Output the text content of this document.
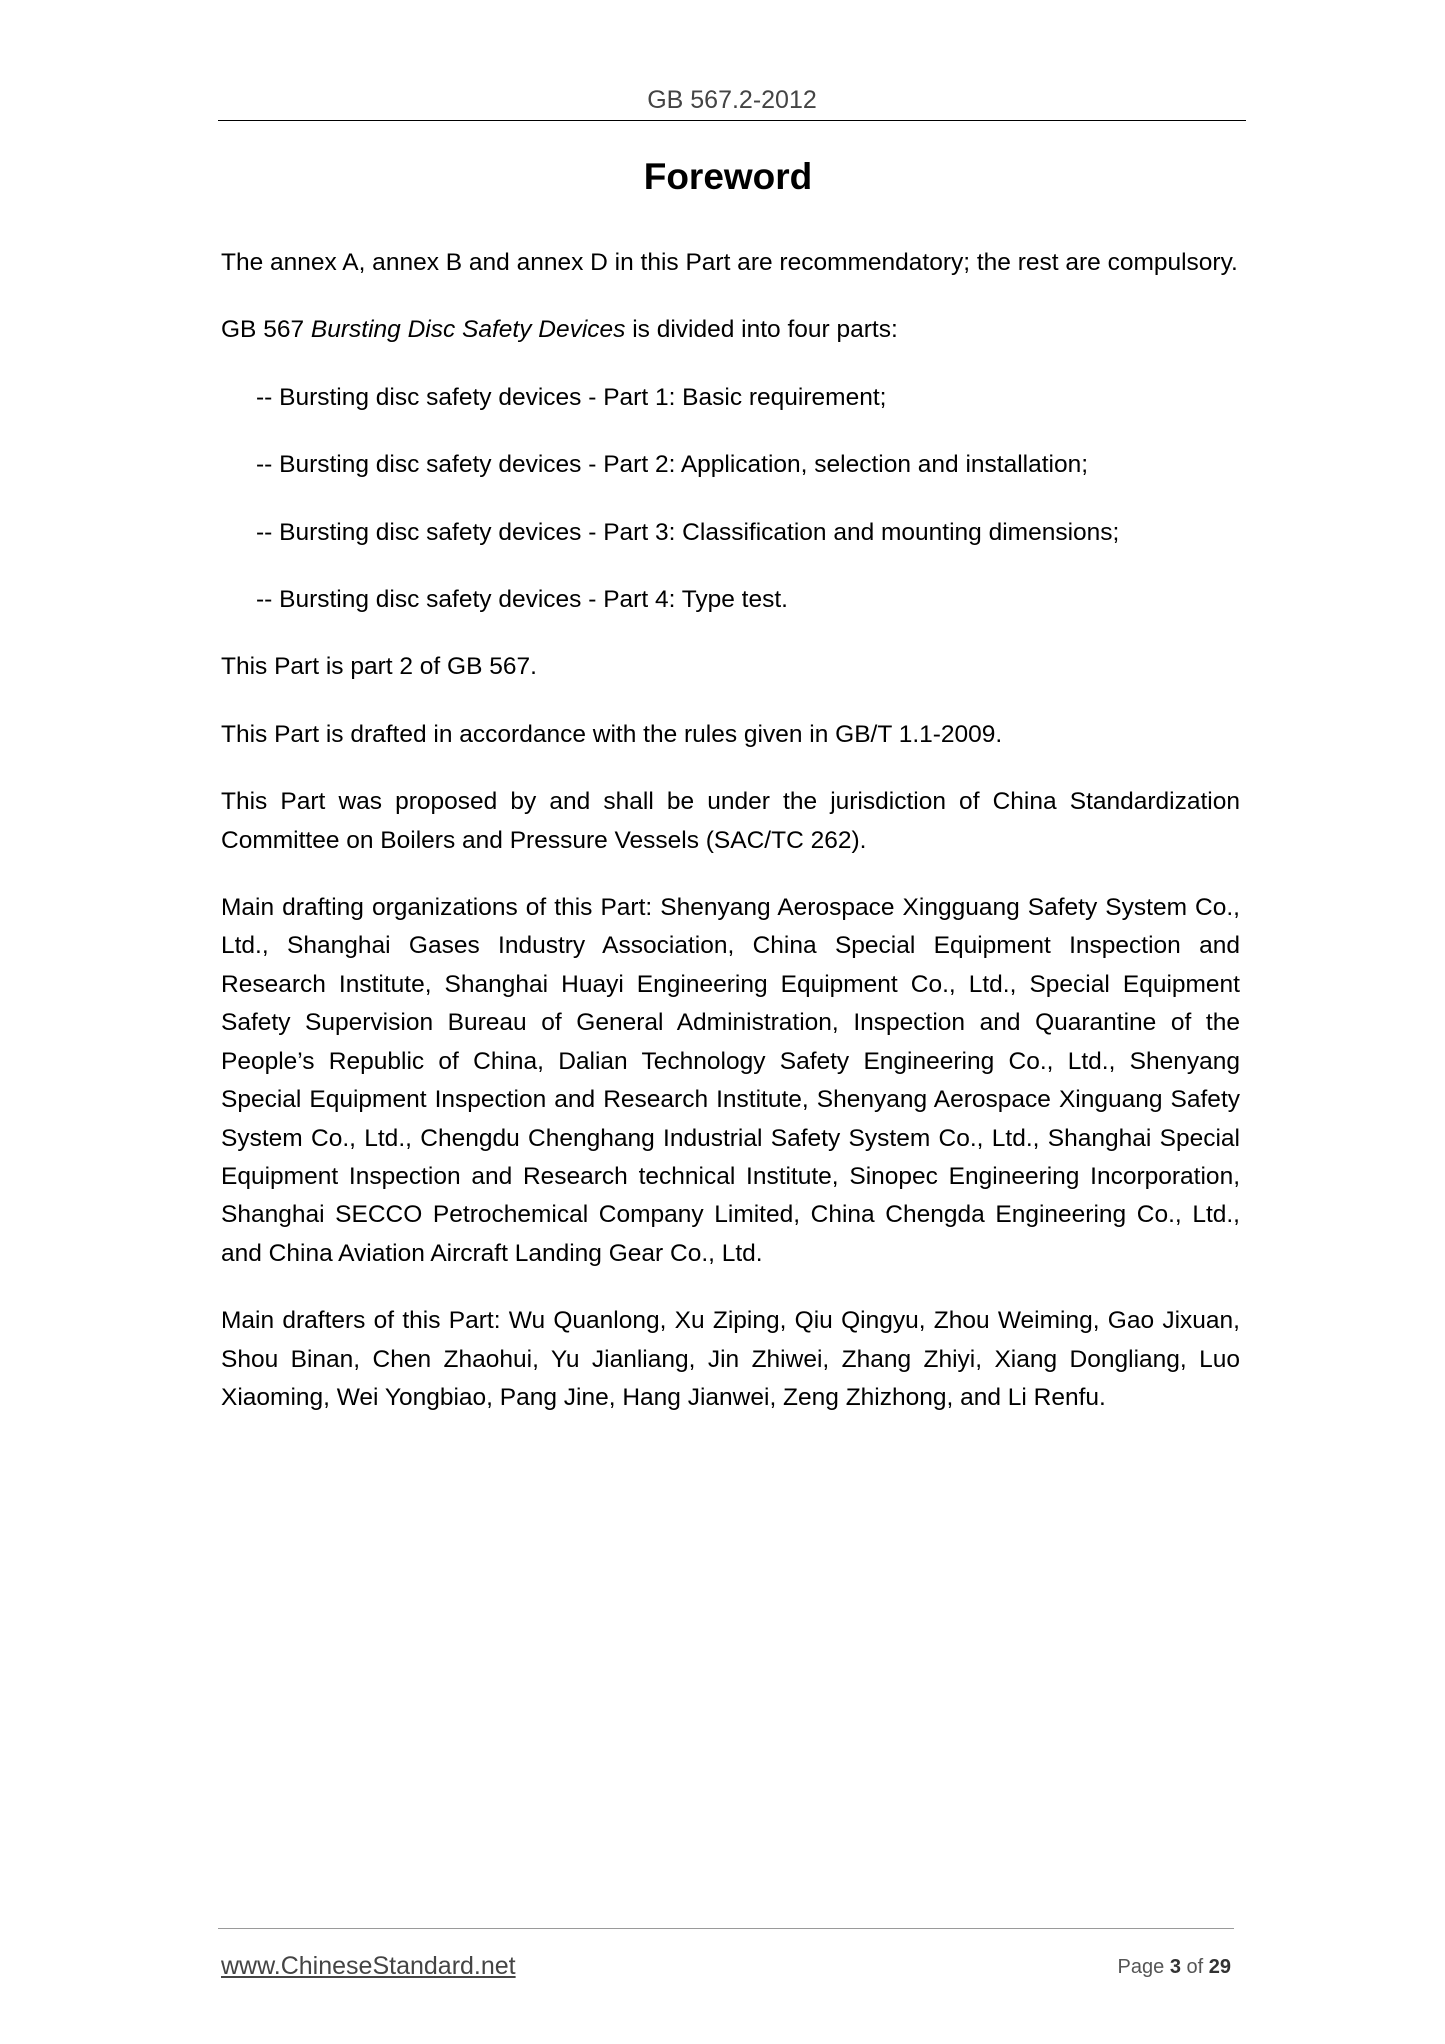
GB 567.2-2012
Foreword

The annex A, annex B and annex D in this Part are recommendatory; the rest are compulsory.

GB 567 Bursting Disc Safety Devices is divided into four parts:

-- Bursting disc safety devices - Part 1: Basic requirement;

-- Bursting disc safety devices - Part 2: Application, selection and installation;

-- Bursting disc safety devices - Part 3: Classification and mounting dimensions;

-- Bursting disc safety devices - Part 4: Type test.

This Part is part 2 of GB 567.

This Part is drafted in accordance with the rules given in GB/T 1.1-2009.

This Part was proposed by and shall be under the jurisdiction of China Standardization Committee on Boilers and Pressure Vessels (SAC/TC 262).

Main drafting organizations of this Part: Shenyang Aerospace Xingguang Safety System Co., Ltd., Shanghai Gases Industry Association, China Special Equipment Inspection and Research Institute, Shanghai Huayi Engineering Equipment Co., Ltd., Special Equipment Safety Supervision Bureau of General Administration, Inspection and Quarantine of the People’s Republic of China, Dalian Technology Safety Engineering Co., Ltd., Shenyang Special Equipment Inspection and Research Institute, Shenyang Aerospace Xinguang Safety System Co., Ltd., Chengdu Chenghang Industrial Safety System Co., Ltd., Shanghai Special Equipment Inspection and Research technical Institute, Sinopec Engineering Incorporation, Shanghai SECCO Petrochemical Company Limited, China Chengda Engineering Co., Ltd., and China Aviation Aircraft Landing Gear Co., Ltd.

Main drafters of this Part: Wu Quanlong, Xu Ziping, Qiu Qingyu, Zhou Weiming, Gao Jixuan, Shou Binan, Chen Zhaohui, Yu Jianliang, Jin Zhiwei, Zhang Zhiyi, Xiang Dongliang, Luo Xiaoming, Wei Yongbiao, Pang Jine, Hang Jianwei, Zeng Zhizhong, and Li Renfu.

www.ChineseStandard.net	Page 3 of 29
